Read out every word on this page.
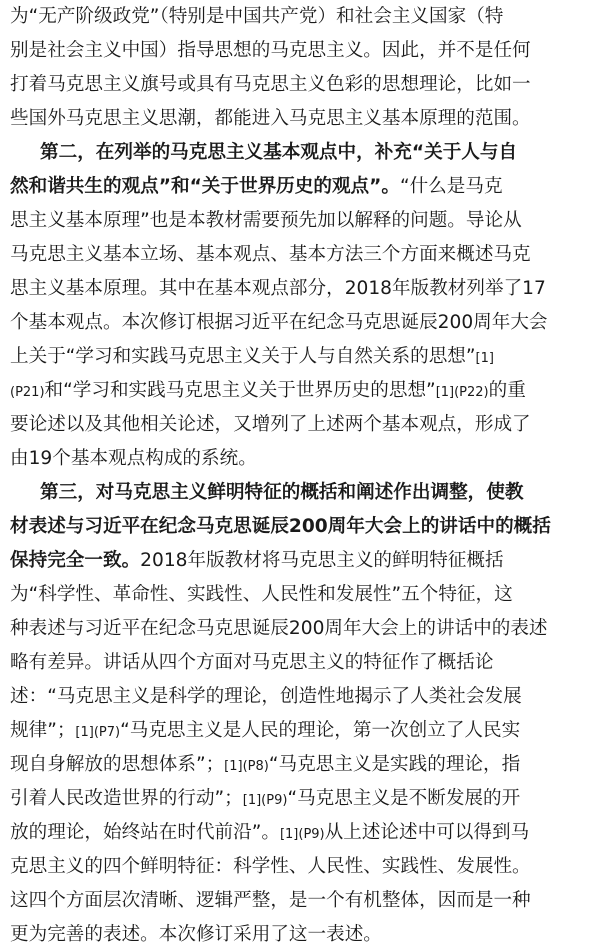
为“无产阶级政党”（特别是中国共产党）和社会主义国家（特
别是社会主义中国）指导思想的马克思主义。因此，并不是任何
打着马克思主义旗号或具有马克思主义色彩的思想理论，比如一
些国外马克思主义思潮，都能进入马克思主义基本原理的范围。
第二，在列举的马克思主义基本观点中，补充“关于人与自
然和谐共生的观点”和“关于世界历史的观点”。“什么是马克
思主义基本原理”也是本教材需要预先加以解释的问题。导论从
马克思主义基本立场、基本观点、基本方法三个方面来概述马克
思主义基本原理。其中在基本观点部分，2018年版教材列举了17
个基本观点。本次修订根据习近平在纪念马克思诞辰200周年大会
上关于“学习和实践马克思主义关于人与自然关系的思想”[1]
(P21)和“学习和实践马克思主义关于世界历史的思想”[1](P22)的重
要论述以及其他相关论述，又增列了上述两个基本观点，形成了
由19个基本观点构成的系统。
第三，对马克思主义鲜明特征的概括和阐述作出调整，使教
材表述与习近平在纪念马克思诞辰200周年大会上的讲话中的概括
保持完全一致。2018年版教材将马克思主义的鲜明特征概括
为“科学性、革命性、实践性、人民性和发展性”五个特征，这
种表述与习近平在纪念马克思诞辰200周年大会上的讲话中的表述
略有差异。讲话从四个方面对马克思主义的特征作了概括论
述：“马克思主义是科学的理论，创造性地揭示了人类社会发展
规律”；[1](P7)“马克思主义是人民的理论，第一次创立了人民实
现自身解放的思想体系”；[1](P8)“马克思主义是实践的理论，指
引着人民改造世界的行动”；[1](P9)“马克思主义是不断发展的开
放的理论，始终站在时代前沿”。[1](P9)从上述论述中可以得到马
克思主义的四个鲜明特征：科学性、人民性、实践性、发展性。
这四个方面层次清晰、逻辑严整，是一个有机整体，因而是一种
更为完善的表述。本次修订采用了这一表述。
